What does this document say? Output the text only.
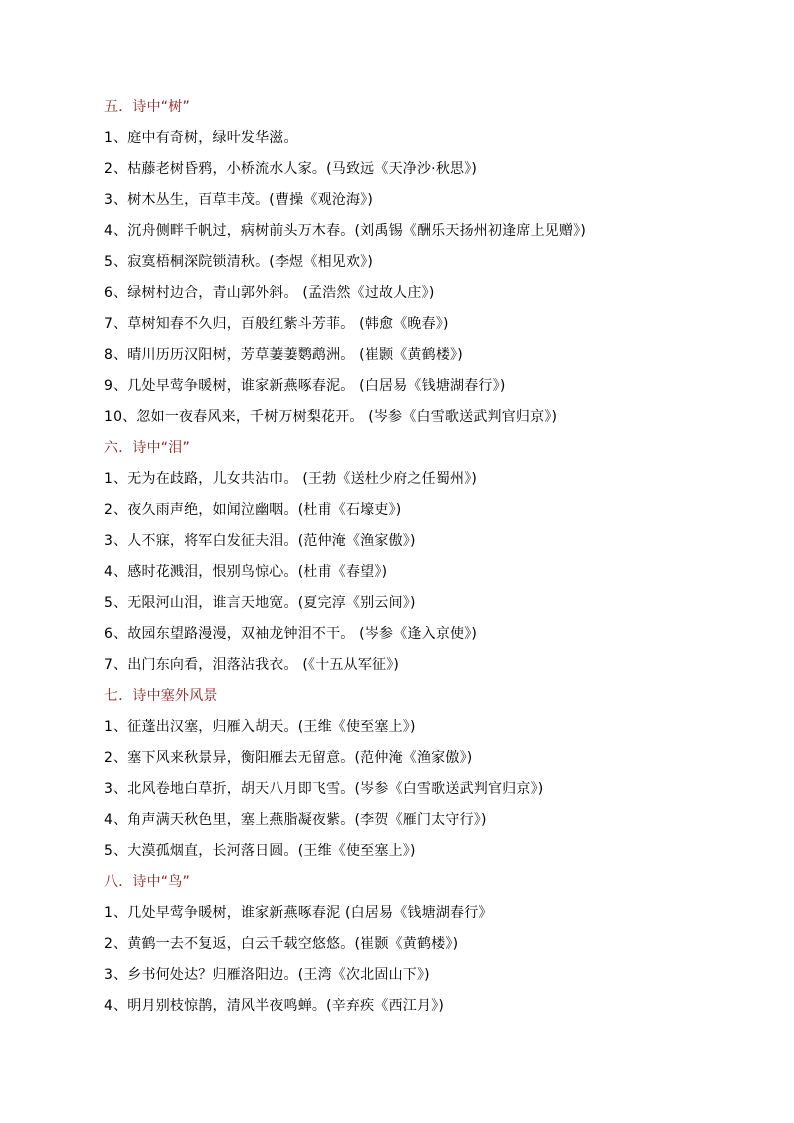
五．诗中“树”
1、庭中有奇树，绿叶发华滋。
2、枯藤老树昏鸦，小桥流水人家。(马致远《天净沙·秋思》)
3、树木丛生，百草丰茂。(曹操《观沧海》)
4、沉舟侧畔千帆过，病树前头万木春。(刘禹锡《酬乐天扬州初逢席上见赠》)
5、寂寞梧桐深院锁清秋。(李煜《相见欢》)
6、绿树村边合，青山郭外斜。 (孟浩然《过故人庄》)
7、草树知春不久归，百般红紫斗芳菲。 (韩愈《晚春》)
8、晴川历历汉阳树，芳草萋萋鹦鹉洲。 (崔颢《黄鹤楼》)
9、几处早莺争暖树，谁家新燕啄春泥。 (白居易《钱塘湖春行》)
10、忽如一夜春风来，千树万树梨花开。 (岑参《白雪歌送武判官归京》)
六．诗中“泪”
1、无为在歧路，儿女共沾巾。 (王勃《送杜少府之任蜀州》)
2、夜久雨声绝，如闻泣幽咽。(杜甫《石壕吏》)
3、人不寐，将军白发征夫泪。(范仲淹《渔家傲》)
4、感时花溅泪，恨别鸟惊心。(杜甫《春望》)
5、无限河山泪，谁言天地宽。(夏完淳《别云间》)
6、故园东望路漫漫，双袖龙钟泪不干。 (岑参《逢入京使》)
7、出门东向看，泪落沾我衣。 (《十五从军征》)
七．诗中塞外风景
1、征蓬出汉塞，归雁入胡天。(王维《使至塞上》)
2、塞下风来秋景异，衡阳雁去无留意。(范仲淹《渔家傲》)
3、北风卷地白草折，胡天八月即飞雪。(岑参《白雪歌送武判官归京》)
4、角声满天秋色里，塞上燕脂凝夜紫。(李贺《雁门太守行》)
5、大漠孤烟直，长河落日圆。(王维《使至塞上》)
八．诗中“鸟”
1、几处早莺争暖树，谁家新燕啄春泥 (白居易《钱塘湖春行》
2、黄鹤一去不复返，白云千载空悠悠。(崔颢《黄鹤楼》)
3、乡书何处达？归雁洛阳边。(王湾《次北固山下》)
4、明月别枝惊鹊，清风半夜鸣蝉。(辛弃疾《西江月》)
